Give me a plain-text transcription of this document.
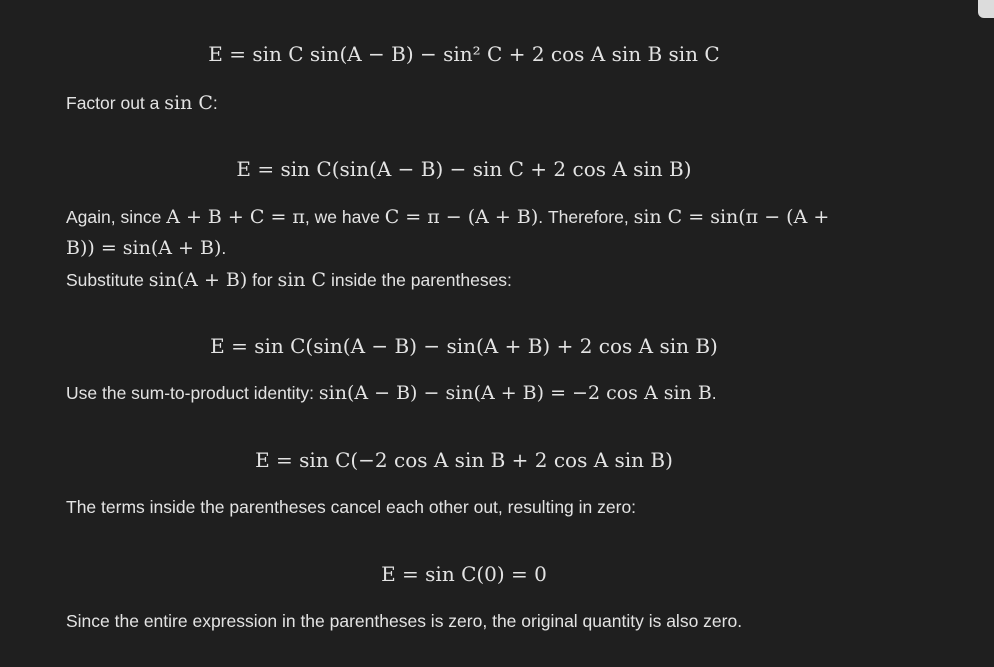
E = sin C sin(A − B) − sin² C + 2 cos A sin B sin C
Factor out a sin C:
E = sin C(sin(A − B) − sin C + 2 cos A sin B)
Again, since A + B + C = π, we have C = π − (A + B). Therefore, sin C = sin(π − (A +
B)) = sin(A + B).
Substitute sin(A + B) for sin C inside the parentheses:
E = sin C(sin(A − B) − sin(A + B) + 2 cos A sin B)
Use the sum-to-product identity: sin(A − B) − sin(A + B) = −2 cos A sin B.
E = sin C(−2 cos A sin B + 2 cos A sin B)
The terms inside the parentheses cancel each other out, resulting in zero:
E = sin C(0) = 0
Since the entire expression in the parentheses is zero, the original quantity is also zero.
